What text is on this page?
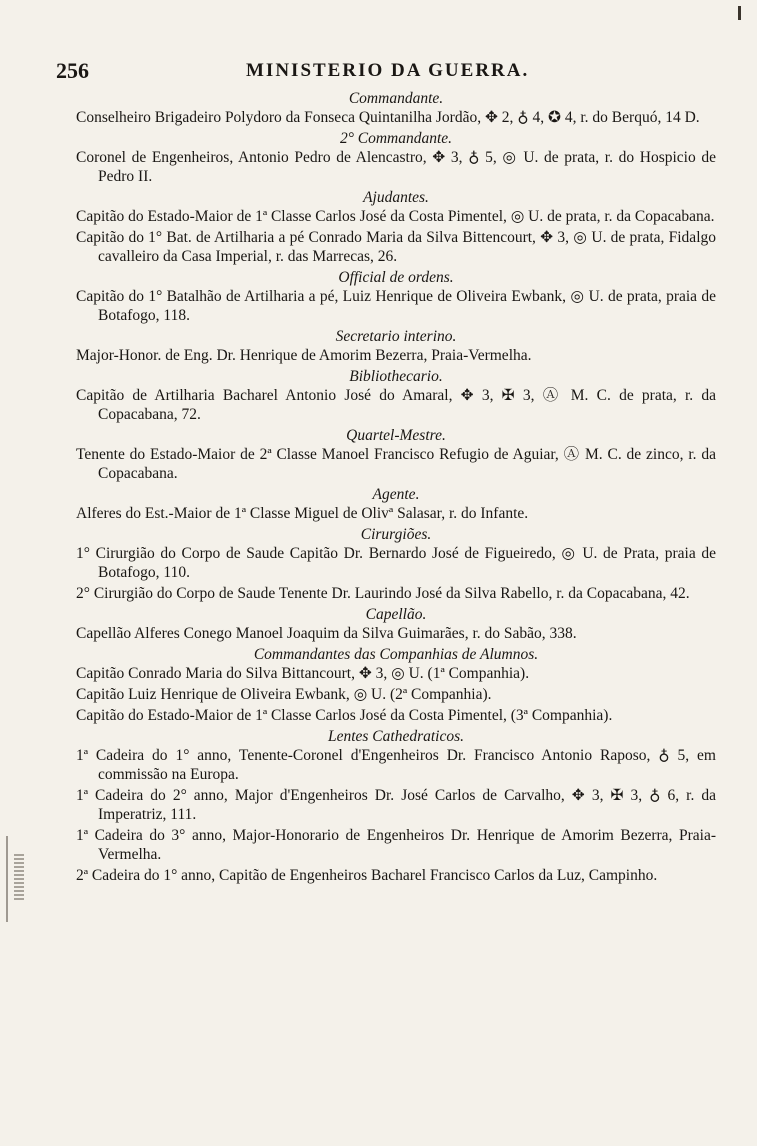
256	MINISTERIO DA GUERRA.
Commandante.
Conselheiro Brigadeiro Polydoro da Fonseca Quintanilha Jordão, ✥ 2, ♁ 4, ✪ 4, r. do Berquó, 14 D.
2° Commandante.
Coronel de Engenheiros, Antonio Pedro de Alencastro, ✥ 3, ♁ 5, ◎ U. de prata, r. do Hospicio de Pedro II.
Ajudantes.
Capitão do Estado-Maior de 1ª Classe Carlos José da Costa Pimentel, ◎ U. de prata, r. da Copacabana.
Capitão do 1° Bat. de Artilharia a pé Conrado Maria da Silva Bittencourt, ✥ 3, ◎ U. de prata, Fidalgo cavalleiro da Casa Imperial, r. das Marrecas, 26.
Official de ordens.
Capitão do 1° Batalhão de Artilharia a pé, Luiz Henrique de Oliveira Ewbank, ◎ U. de prata, praia de Botafogo, 118.
Secretario interino.
Major-Honor. de Eng. Dr. Henrique de Amorim Bezerra, Praia-Vermelha.
Bibliothecario.
Capitão de Artilharia Bacharel Antonio José do Amaral, ✥ 3, ✠ 3, Ⓐ M. C. de prata, r. da Copacabana, 72.
Quartel-Mestre.
Tenente do Estado-Maior de 2ª Classe Manoel Francisco Refugio de Aguiar, Ⓐ M. C. de zinco, r. da Copacabana.
Agente.
Alferes do Est.-Maior de 1ª Classe Miguel de Olivª Salasar, r. do Infante.
Cirurgiões.
1° Cirurgião do Corpo de Saude Capitão Dr. Bernardo José de Figueiredo, ◎ U. de Prata, praia de Botafogo, 110.
2° Cirurgião do Corpo de Saude Tenente Dr. Laurindo José da Silva Rabello, r. da Copacabana, 42.
Capellão.
Capellão Alferes Conego Manoel Joaquim da Silva Guimarães, r. do Sabão, 338.
Commandantes das Companhias de Alumnos.
Capitão Conrado Maria do Silva Bittancourt, ✥ 3, ◎ U. (1ª Companhia).
Capitão Luiz Henrique de Oliveira Ewbank, ◎ U. (2ª Companhia).
Capitão do Estado-Maior de 1ª Classe Carlos José da Costa Pimentel, (3ª Companhia).
Lentes Cathedraticos.
1ª Cadeira do 1° anno, Tenente-Coronel d'Engenheiros Dr. Francisco Antonio Raposo, ♁ 5, em commissão na Europa.
1ª Cadeira do 2° anno, Major d'Engenheiros Dr. José Carlos de Carvalho, ✥ 3, ✠ 3, ♁ 6, r. da Imperatriz, 111.
1ª Cadeira do 3° anno, Major-Honorario de Engenheiros Dr. Henrique de Amorim Bezerra, Praia-Vermelha.
2ª Cadeira do 1° anno, Capitão de Engenheiros Bacharel Francisco Carlos da Luz, Campinho.
